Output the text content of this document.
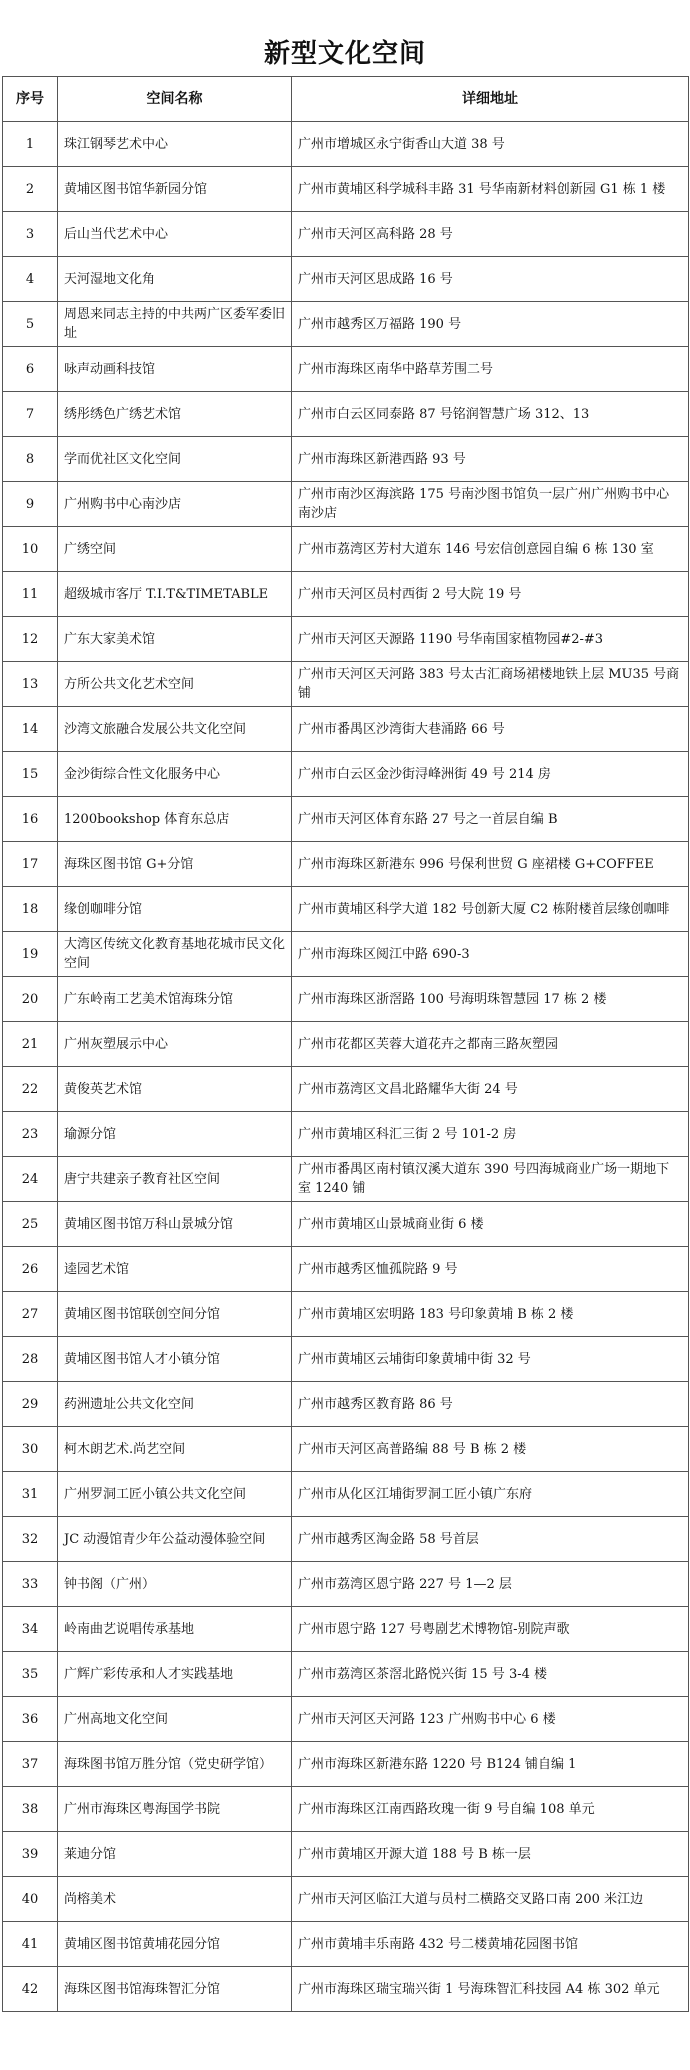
新型文化空间
序号	空间名称	详细地址
1	珠江钢琴艺术中心	广州市增城区永宁街香山大道 38 号
2	黄埔区图书馆华新园分馆	广州市黄埔区科学城科丰路 31 号华南新材料创新园 G1 栋 1 楼
3	后山当代艺术中心	广州市天河区高科路 28 号
4	天河湿地文化角	广州市天河区思成路 16 号
5	周恩来同志主持的中共两广区委军委旧址	广州市越秀区万福路 190 号
6	咏声动画科技馆	广州市海珠区南华中路草芳围二号
7	绣彤绣色广绣艺术馆	广州市白云区同泰路 87 号铭润智慧广场 312、13
8	学而优社区文化空间	广州市海珠区新港西路 93 号
9	广州购书中心南沙店	广州市南沙区海滨路 175 号南沙图书馆负一层广州广州购书中心南沙店
10	广绣空间	广州市荔湾区芳村大道东 146 号宏信创意园自编 6 栋 130 室
11	超级城市客厅 T.I.T&TIMETABLE	广州市天河区员村西街 2 号大院 19 号
12	广东大家美术馆	广州市天河区天源路 1190 号华南国家植物园#2-#3
13	方所公共文化艺术空间	广州市天河区天河路 383 号太古汇商场裙楼地铁上层 MU35 号商铺
14	沙湾文旅融合发展公共文化空间	广州市番禺区沙湾街大巷涌路 66 号
15	金沙街综合性文化服务中心	广州市白云区金沙街浔峰洲街 49 号 214 房
16	1200bookshop 体育东总店	广州市天河区体育东路 27 号之一首层自编 B
17	海珠区图书馆 G+分馆	广州市海珠区新港东 996 号保利世贸 G 座裙楼 G+COFFEE
18	缘创咖啡分馆	广州市黄埔区科学大道 182 号创新大厦 C2 栋附楼首层缘创咖啡
19	大湾区传统文化教育基地花城市民文化空间	广州市海珠区阅江中路 690-3
20	广东岭南工艺美术馆海珠分馆	广州市海珠区浙滘路 100 号海明珠智慧园 17 栋 2 楼
21	广州灰塑展示中心	广州市花都区芙蓉大道花卉之都南三路灰塑园
22	黄俊英艺术馆	广州市荔湾区文昌北路耀华大街 24 号
23	瑜源分馆	广州市黄埔区科汇三街 2 号 101-2 房
24	唐宁共建亲子教育社区空间	广州市番禺区南村镇汉溪大道东 390 号四海城商业广场一期地下室 1240 铺
25	黄埔区图书馆万科山景城分馆	广州市黄埔区山景城商业街 6 楼
26	逵园艺术馆	广州市越秀区恤孤院路 9 号
27	黄埔区图书馆联创空间分馆	广州市黄埔区宏明路 183 号印象黄埔 B 栋 2 楼
28	黄埔区图书馆人才小镇分馆	广州市黄埔区云埔街印象黄埔中街 32 号
29	药洲遗址公共文化空间	广州市越秀区教育路 86 号
30	柯木朗艺术.尚艺空间	广州市天河区高普路编 88 号 B 栋 2 楼
31	广州罗洞工匠小镇公共文化空间	广州市从化区江埔街罗洞工匠小镇广东府
32	JC 动漫馆青少年公益动漫体验空间	广州市越秀区淘金路 58 号首层
33	钟书阁（广州）	广州市荔湾区恩宁路 227 号 1—2 层
34	岭南曲艺说唱传承基地	广州市恩宁路 127 号粤剧艺术博物馆-别院声歌
35	广辉广彩传承和人才实践基地	广州市荔湾区茶滘北路悦兴街 15 号 3-4 楼
36	广州高地文化空间	广州市天河区天河路 123 广州购书中心 6 楼
37	海珠图书馆万胜分馆（党史研学馆）	广州市海珠区新港东路 1220 号 B124 铺自编 1
38	广州市海珠区粤海国学书院	广州市海珠区江南西路玫瑰一街 9 号自编 108 单元
39	莱迪分馆	广州市黄埔区开源大道 188 号 B 栋一层
40	尚榕美术	广州市天河区临江大道与员村二横路交叉路口南 200 米江边
41	黄埔区图书馆黄埔花园分馆	广州市黄埔丰乐南路 432 号二楼黄埔花园图书馆
42	海珠区图书馆海珠智汇分馆	广州市海珠区瑞宝瑞兴街 1 号海珠智汇科技园 A4 栋 302 单元
